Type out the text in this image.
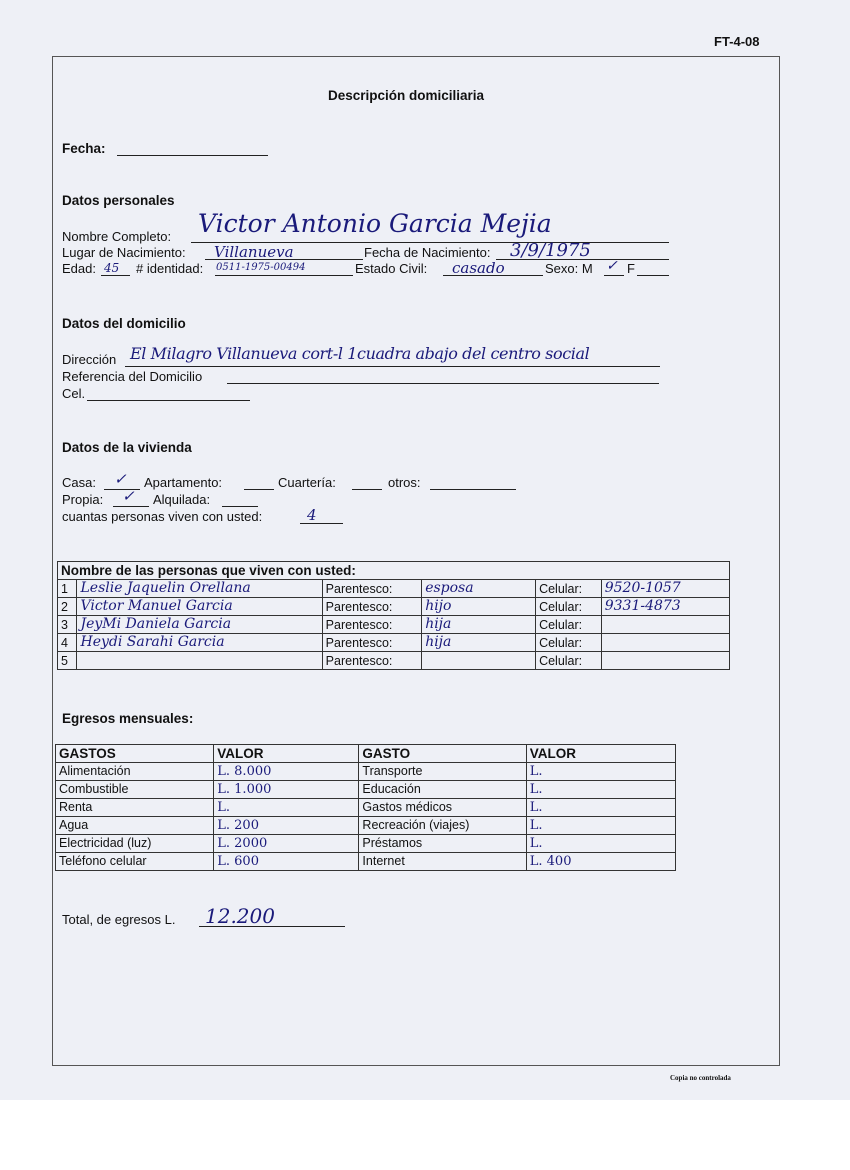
FT-4-08
Descripción domiciliaria
Fecha:
Datos personales
Nombre Completo: Victor Antonio Garcia Mejia
Lugar de Nacimiento: Villanueva	Fecha de Nacimiento: 3/9/1975
Edad: 45 # identidad: 0511-1975-00494	Estado Civil: casado	Sexo: M ✓ F
Datos del domicilio
Dirección El Milagro Villanueva cort-l 1cuadra abajo del centro social
Referencia del Domicilio
Cel.
Datos de la vivienda
Casa: ✓ Apartamento:	Cuartería:	otros:
Propia: ✓ Alquilada:
cuantas personas viven con usted:	4
Nombre de las personas que viven con usted:					
1	Leslie Jaquelin Orellana	Parentesco:	esposa	Celular:	9520-1057
2	Victor Manuel Garcia	Parentesco:	hijo	Celular:	9331-4873
3	JeyMi Daniela Garcia	Parentesco:	hija	Celular:	
4	Heydi Sarahi Garcia	Parentesco:	hija	Celular:	
5		Parentesco:		Celular:	
Egresos mensuales:
GASTOS	VALOR	GASTO	VALOR
Alimentación	L. 8.000	Transporte	L.
Combustible	L. 1.000	Educación	L.
Renta	L.	Gastos médicos	L.
Agua	L. 200	Recreación (viajes)	L.
Electricidad (luz)	L. 2000	Préstamos	L.
Teléfono celular	L. 600	Internet	L. 400
Total, de egresos L. 12.200
Copia no controlada
